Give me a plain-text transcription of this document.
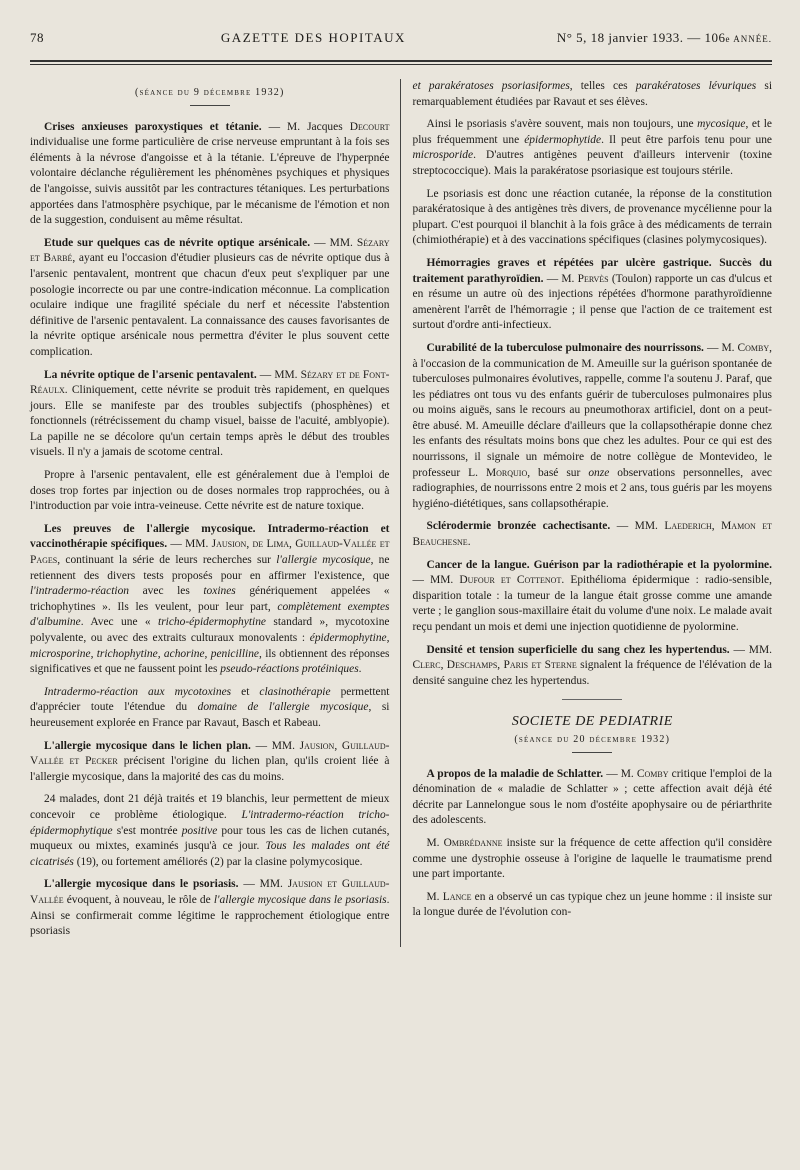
78	GAZETTE DES HOPITAUX	N° 5, 18 janvier 1933. — 106e ANNÉE.
(séance du 9 décembre 1932)

Crises anxieuses paroxystiques et tétanie. — M. Jacques Decourt individualise une forme particulière de crise nerveuse empruntant à la fois ses éléments à la névrose d'angoisse et à la tétanie. L'épreuve de l'hyperpnée volontaire déclanche régulièrement les phénomènes psychiques et physiques de l'angoisse, suivis aussitôt par les contractures tétaniques. Les perturbations apportées dans l'atmosphère psychique, par le mécanisme de l'émotion et non de la suggestion, conduisent au même résultat.

Etude sur quelques cas de névrite optique arsénicale. — MM. Sézary et Barbé, ayant eu l'occasion d'étudier plusieurs cas de névrite optique dus à l'arsenic pentavalent, montrent que chacun d'eux peut s'expliquer par une posologie incorrecte ou par une contre-indication méconnue. La complication oculaire indique une fragilité spéciale du nerf et nécessite l'abstention définitive de l'arsenic pentavalent. La connaissance des causes favorisantes de la névrite optique arsénicale nous permettra d'éviter le plus souvent cette complication.

La névrite optique de l'arsenic pentavalent. — MM. Sézary et de Font-Réaulx. Cliniquement, cette névrite se produit très rapidement, en quelques jours. Elle se manifeste par des troubles subjectifs (phosphènes) et fonctionnels (rétrécissement du champ visuel, baisse de l'acuité, amblyopie). La papille ne se décolore qu'un certain temps après le début des troubles visuels. Il n'y a jamais de scotome central.

Propre à l'arsenic pentavalent, elle est généralement due à l'emploi de doses trop fortes par injection ou de doses normales trop rapprochées, ou à l'introduction par voie intra-veineuse. Cette névrite est de nature toxique.

Les preuves de l'allergie mycosique. Intradermo-réaction et vaccinothérapie spécifiques. — MM. Jausion, de Lima, Guillaud-Vallée et Pages, continuant la série de leurs recherches sur l'allergie mycosique, ne retiennent des divers tests proposés pour en affirmer l'existence, que l'intradermo-réaction avec les toxines génériquement appelées « trichophytines ». Ils les veulent, pour leur part, complètement exemptes d'albumine. Avec une « tricho-épidermophytine standard », mycotoxine polyvalente, ou avec des extraits culturaux monovalents : épidermophytine, microsporine, trichophytine, achorine, penicilline, ils obtiennent des réponses significatives et que ne faussent point les pseudo-réactions protéiniques.

Intradermo-réaction aux mycotoxines et clasinothérapie permettent d'apprécier toute l'étendue du domaine de l'allergie mycosique, si heureusement explorée en France par Ravaut, Basch et Rabeau.

L'allergie mycosique dans le lichen plan. — MM. Jausion, Guillaud-Vallée et Pecker précisent l'origine du lichen plan, qu'ils croient liée à l'allergie mycosique, dans la majorité des cas du moins.

24 malades, dont 21 déjà traités et 19 blanchis, leur permettent de mieux concevoir ce problème étiologique. L'intradermo-réaction tricho-épidermophytique s'est montrée positive pour tous les cas de lichen cutanés, muqueux ou mixtes, examinés jusqu'à ce jour. Tous les malades ont été cicatrisés (19), ou fortement améliorés (2) par la clasine polymycosique.

L'allergie mycosique dans le psoriasis. — MM. Jausion et Guillaud-Vallée évoquent, à nouveau, le rôle de l'allergie mycosique dans le psoriasis. Ainsi se confirmerait comme légitime le rapprochement étiologique entre psoriasis

et parakératoses psoriasiformes, telles ces parakératoses lévuriques si remarquablement étudiées par Ravaut et ses élèves.

Ainsi le psoriasis s'avère souvent, mais non toujours, une mycosique, et le plus fréquemment une épidermophytide. Il peut être parfois tenu pour une microsporide. D'autres antigènes peuvent d'ailleurs intervenir (toxine streptococcique). Mais la parakératose psoriasique est toujours stérile.

Le psoriasis est donc une réaction cutanée, la réponse de la constitution parakératosique à des antigènes très divers, de provenance mycélienne pour la plupart. C'est pourquoi il blanchit à la fois grâce à des médicaments de terrain (chimiothérapie) et à des vaccinations spécifiques (clasines polymycosiques).

Hémorragies graves et répétées par ulcère gastrique. Succès du traitement parathyroïdien. — M. Pervès (Toulon) rapporte un cas d'ulcus et en résume un autre où des injections répétées d'hormone parathyroïdienne amenèrent l'arrêt de l'hémorragie ; il pense que l'action de ce traitement est surtout d'ordre anti-infectieux.

Curabilité de la tuberculose pulmonaire des nourrissons. — M. Comby, à l'occasion de la communication de M. Ameuille sur la guérison spontanée de tuberculoses pulmonaires évolutives, rappelle, comme l'a soutenu J. Paraf, que les pédiatres ont tous vu des enfants guérir de tuberculoses pulmonaires plus ou moins aiguës, sans le recours au pneumothorax artificiel, dont on a peut-être abusé. M. Ameuille déclare d'ailleurs que la collapsothérapie donne chez les enfants des résultats moins bons que chez les adultes. Pour ce qui est des nourrissons, il signale un mémoire de notre collègue de Montevideo, le professeur L. Morquio, basé sur onze observations personnelles, avec radiographies, de nourrissons entre 2 mois et 2 ans, tous guéris par les moyens hygiéno-diététiques, sans collapsothérapie.

Sclérodermie bronzée cachectisante. — MM. Laederich, Mamon et Beauchesne.

Cancer de la langue. Guérison par la radiothérapie et la pyolormine. — MM. Dufour et Cottenot. Epithélioma épidermique : radio-sensible, disparition totale : la tumeur de la langue était grosse comme une amande verte ; le ganglion sous-maxillaire était du volume d'une noix. Le malade avait reçu pendant un mois et demi une injection quotidienne de pyolormine.

Densité et tension superficielle du sang chez les hypertendus. — MM. Clerc, Deschamps, Paris et Sterne signalent la fréquence de l'élévation de la densité sanguine chez les hypertendus.

SOCIETE DE PEDIATRIE
(séance du 20 décembre 1932)

A propos de la maladie de Schlatter. — M. Comby critique l'emploi de la dénomination de « maladie de Schlatter » ; cette affection avait déjà été décrite par Lannelongue sous le nom d'ostéite apophysaire ou de périarthrite des adolescents.

M. Ombrédanne insiste sur la fréquence de cette affection qu'il considère comme une dystrophie osseuse à l'origine de laquelle le traumatisme prend une part importante.

M. Lance en a observé un cas typique chez un jeune homme : il insiste sur la longue durée de l'évolution con-
